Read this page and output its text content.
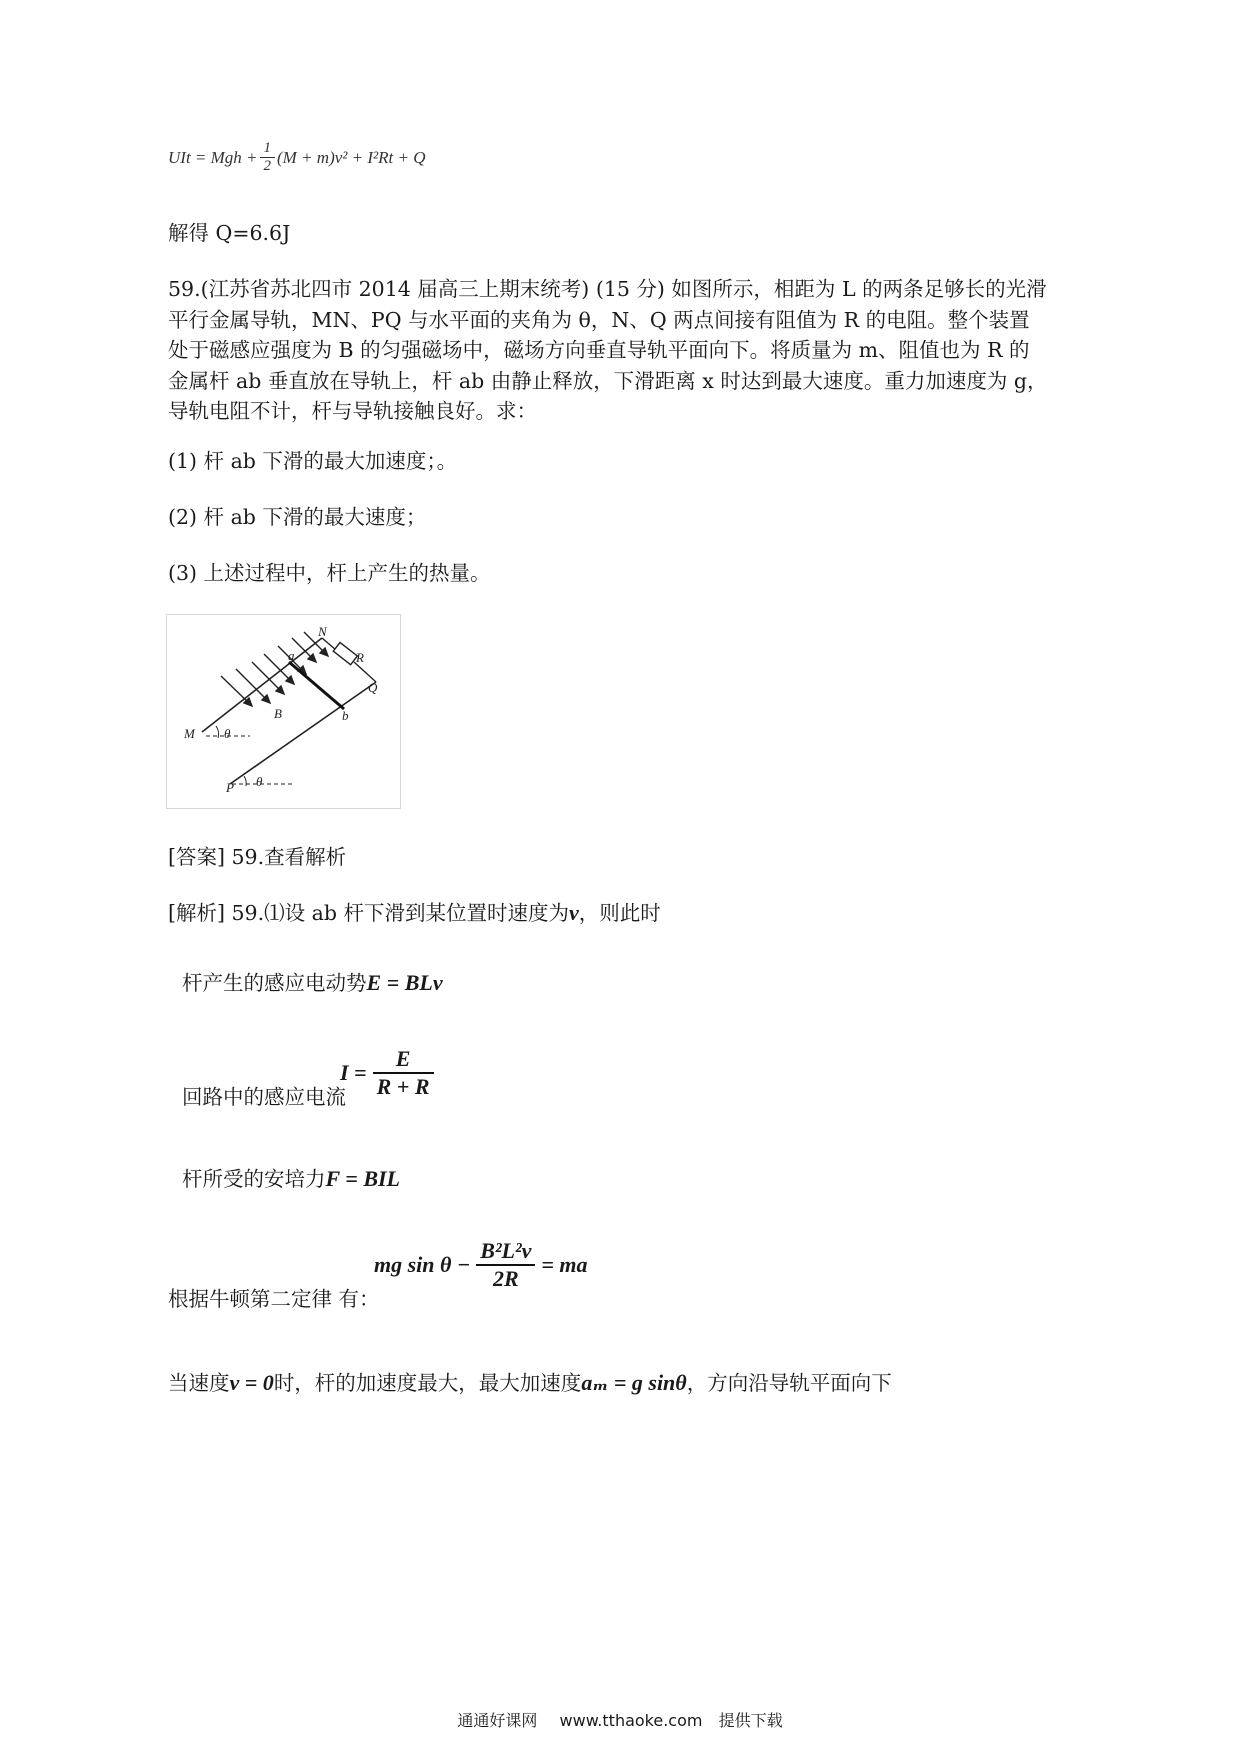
UIt = Mgh + $\frac{1}{2} (M + m)v^2 + I^2Rt + Q$
解得 Q=6.6J
59.(江苏省苏北四市 2014 届高三上期末统考) (15 分) 如图所示，相距为 L 的两条足够长的光滑平行金属导轨，MN、PQ 与水平面的夹角为 θ，N、Q 两点间接有阻值为 R 的电阻。整个装置处于磁感应强度为 B 的匀强磁场中，磁场方向垂直导轨平面向下。将质量为 m、阻值也为 R 的金属杆 ab 垂直放在导轨上，杆 ab 由静止释放，下滑距离 x 时达到最大速度。重力加速度为 g，导轨电阻不计，杆与导轨接触良好。求：
(1) 杆 ab 下滑的最大加速度；。
(2) 杆 ab 下滑的最大速度；
(3) 上述过程中，杆上产生的热量。
N
R
Q
a
b
B
M θ
P θ
[答案] 59.查看解析
[解析] 59.⑴设 ab 杆下滑到某位置时速度为v，则此时
杆产生的感应电动势E = BLv
回路中的感应电流
$I = \frac{E}{R + R}$
杆所受的安培力F = BIL
根据牛顿第二定律 有：
mg $\sin \theta - \frac{\text{B²L²v}}{2R}$ = ma
当速度v = 0时，杆的加速度最大，最大加速度aₘ = g sinθ，方向沿导轨平面向下
通通好课网 www.tthaoke.com 提供下载
